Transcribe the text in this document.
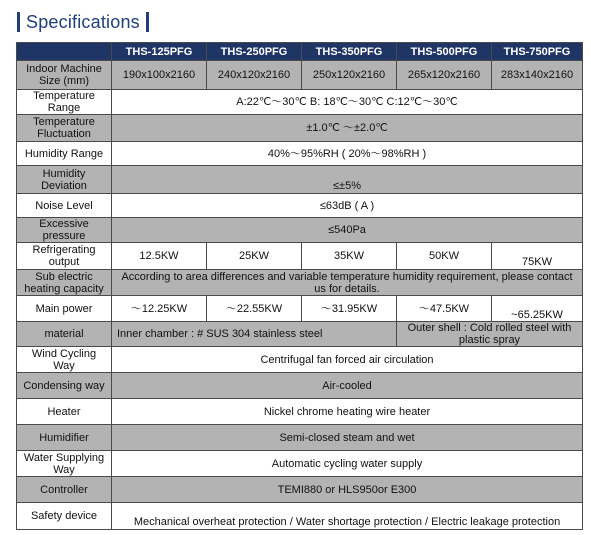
Specifications
	THS-125PFG	THS-250PFG	THS-350PFG	THS-500PFG	THS-750PFG
Indoor Machine Size (mm)	190x100x2160	240x120x2160	250x120x2160	265x120x2160	283x140x2160
Temperature Range	A:22℃～30℃ B: 18℃～30℃ C:12℃～30℃				
Temperature Fluctuation	±1.0℃ ～±2.0℃				
Humidity Range	40%～95%RH ( 20%～98%RH )				
Humidity Deviation	≤±5%				
Noise Level	≤63dB ( A )				
Excessive pressure	≤540Pa				
Refrigerating output	12.5KW	25KW	35KW	50KW	75KW
Sub electric heating capacity	According to area differences and variable temperature humidity requirement, please contact us for details.				
Main power	～12.25KW	～22.55KW	～31.95KW	～47.5KW	~65.25KW
material	Inner chamber : # SUS 304 stainless steel			Outer shell : Cold rolled steel with plastic spray	
Wind Cycling Way	Centrifugal fan forced air circulation				
Condensing way	Air-cooled				
Heater	Nickel chrome heating wire heater				
Humidifier	Semi-closed steam and wet				
Water Supplying Way	Automatic cycling water supply				
Controller	TEMI880 or HLS950or E300				
Safety device	Mechanical overheat protection / Water shortage protection / Electric leakage protection				
